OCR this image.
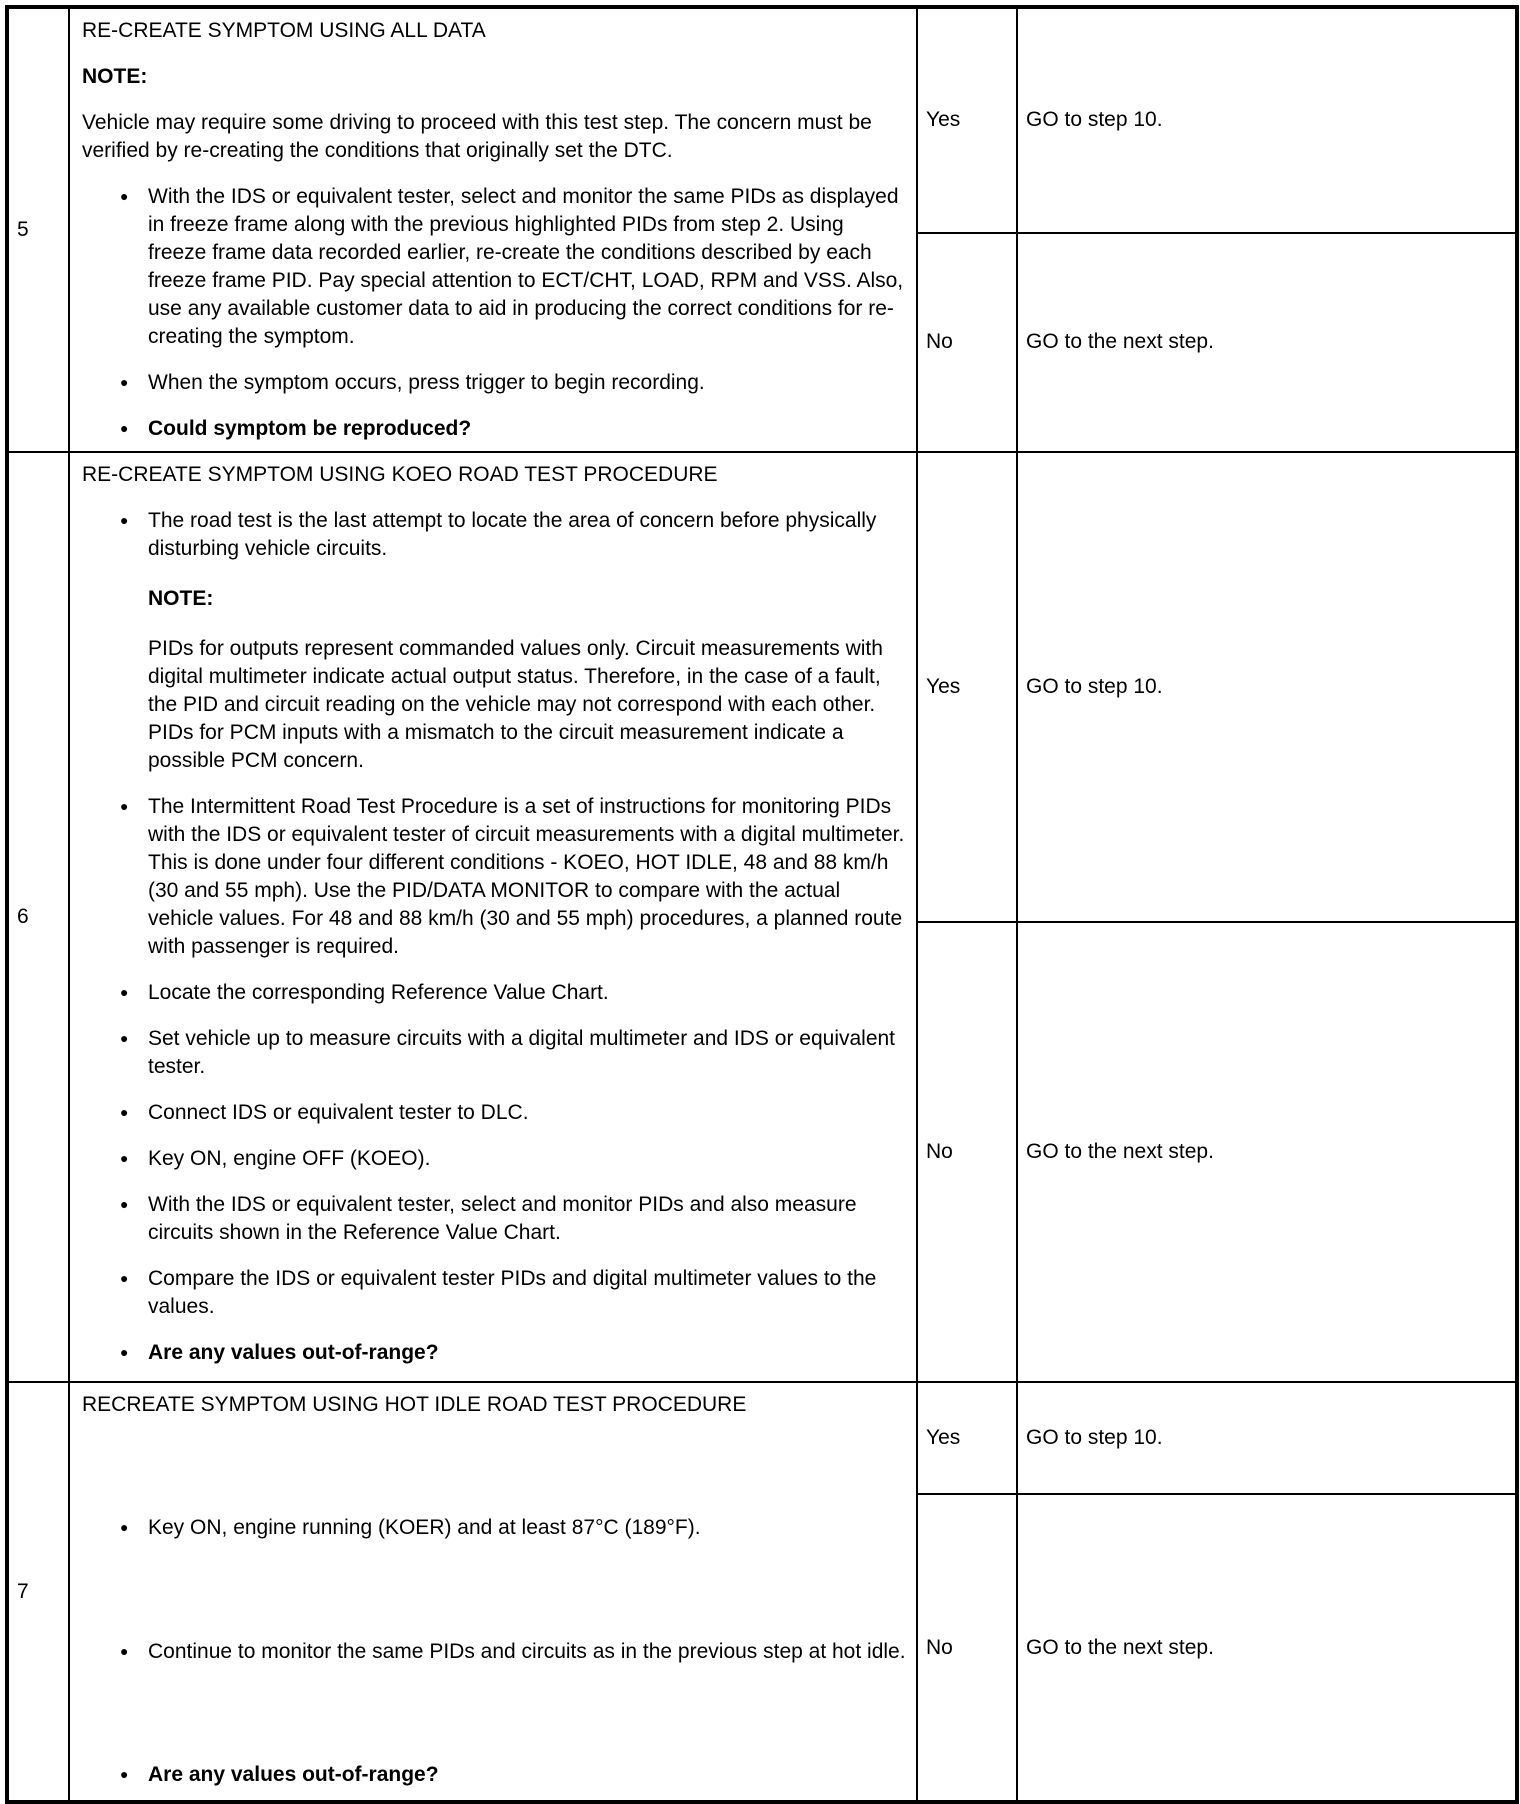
5	
RE-CREATE SYMPTOM USING ALL DATA
NOTE:
Vehicle may require some driving to proceed with this test step. The concern must be verified by re-creating the conditions that originally set the DTC.
● With the IDS or equivalent tester, select and monitor the same PIDs as displayed in freeze frame along with the previous highlighted PIDs from step 2. Using freeze frame data recorded earlier, re-create the conditions described by each freeze frame PID. Pay special attention to ECT/CHT, LOAD, RPM and VSS. Also, use any available customer data to aid in producing the correct conditions for re-creating the symptom.
● When the symptom occurs, press trigger to begin recording.
● Could symptom be reproduced?
	Yes	GO to step 10.
		No	GO to the next step.
6	
RE-CREATE SYMPTOM USING KOEO ROAD TEST PROCEDURE
● The road test is the last attempt to locate the area of concern before physically disturbing vehicle circuits.
NOTE:
PIDs for outputs represent commanded values only. Circuit measurements with digital multimeter indicate actual output status. Therefore, in the case of a fault, the PID and circuit reading on the vehicle may not correspond with each other. PIDs for PCM inputs with a mismatch to the circuit measurement indicate a possible PCM concern.
● The Intermittent Road Test Procedure is a set of instructions for monitoring PIDs with the IDS or equivalent tester of circuit measurements with a digital multimeter. This is done under four different conditions - KOEO, HOT IDLE, 48 and 88 km/h (30 and 55 mph). Use the PID/DATA MONITOR to compare with the actual vehicle values. For 48 and 88 km/h (30 and 55 mph) procedures, a planned route with passenger is required.
● Locate the corresponding Reference Value Chart.
● Set vehicle up to measure circuits with a digital multimeter and IDS or equivalent tester.
● Connect IDS or equivalent tester to DLC.
● Key ON, engine OFF (KOEO).
● With the IDS or equivalent tester, select and monitor PIDs and also measure circuits shown in the Reference Value Chart.
● Compare the IDS or equivalent tester PIDs and digital multimeter values to the values.
● Are any values out-of-range?
	Yes	GO to step 10.
		No	GO to the next step.
7	RECREATE SYMPTOM USING HOT IDLE ROAD TEST PROCEDURE
● Key ON, engine running (KOER) and at least 87°C (189°F).
● Continue to monitor the same PIDs and circuits as in the previous step at hot idle.
● Are any values out-of-range?	Yes	GO to step 10.
		No	GO to the next step.
